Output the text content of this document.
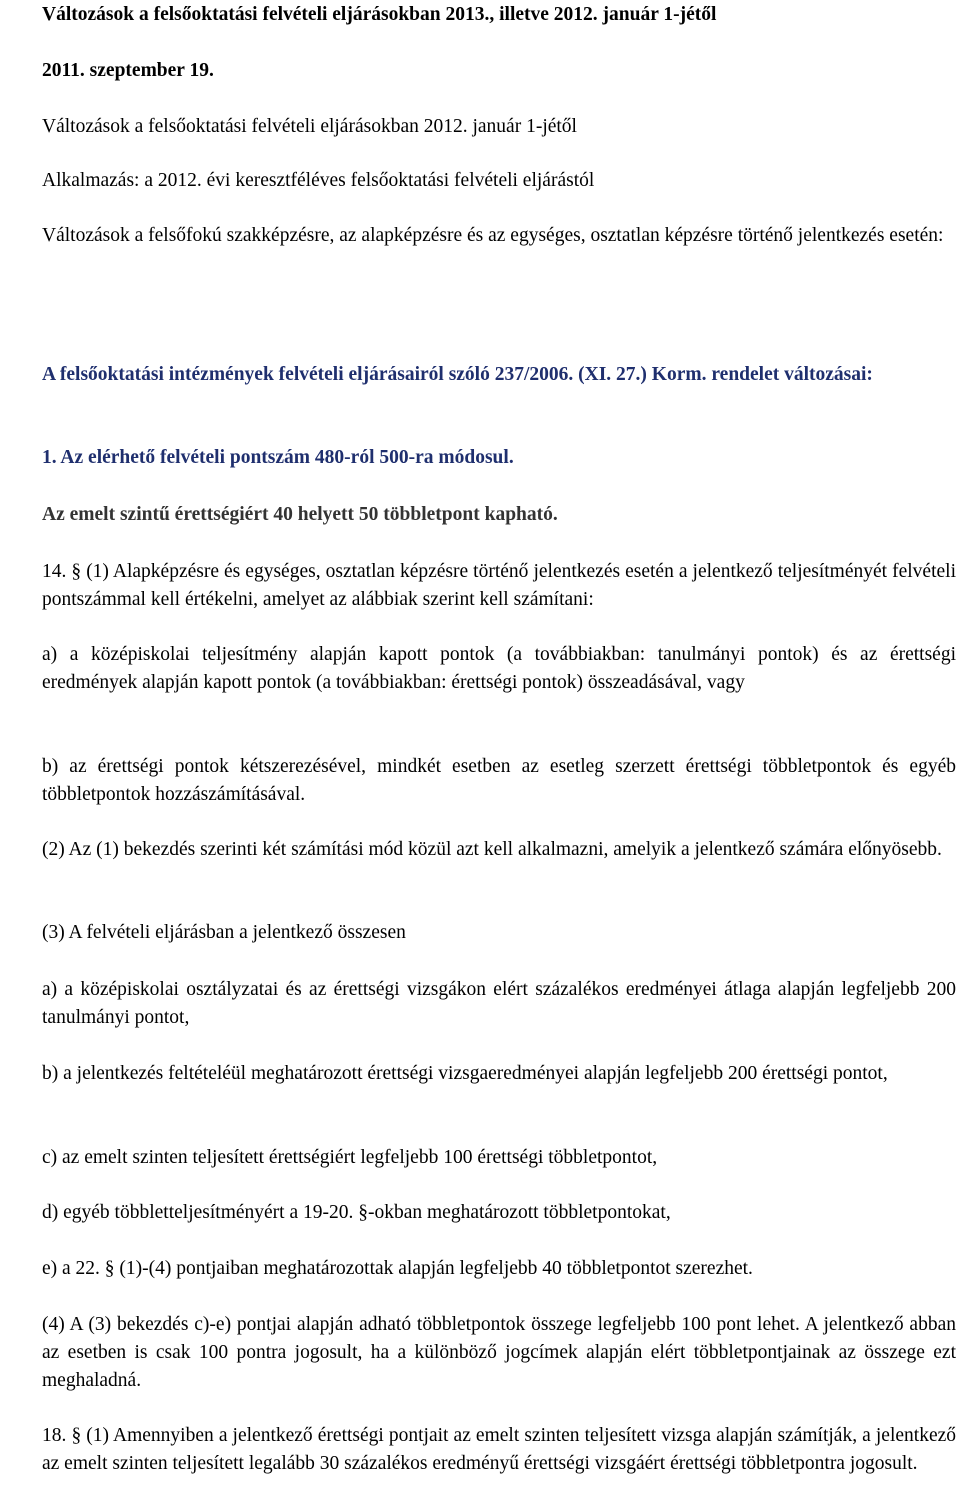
Változások a felsőoktatási felvételi eljárásokban 2013., illetve 2012. január 1-jétől
2011. szeptember 19.
Változások a felsőoktatási felvételi eljárásokban 2012. január 1-jétől
Alkalmazás: a 2012. évi keresztféléves felsőoktatási felvételi eljárástól
Változások a felsőfokú szakképzésre, az alapképzésre és az egységes, osztatlan képzésre történő jelentkezés esetén:
A felsőoktatási intézmények felvételi eljárásairól szóló 237/2006. (XI. 27.) Korm. rendelet változásai:
1. Az elérhető felvételi pontszám 480-ról 500-ra módosul.
Az emelt szintű érettségiért 40 helyett 50 többletpont kapható.
14. § (1) Alapképzésre és egységes, osztatlan képzésre történő jelentkezés esetén a jelentkező teljesítményét felvételi pontszámmal kell értékelni, amelyet az alábbiak szerint kell számítani:
a) a középiskolai teljesítmény alapján kapott pontok (a továbbiakban: tanulmányi pontok) és az érettségi eredmények alapján kapott pontok (a továbbiakban: érettségi pontok) összeadásával, vagy
b) az érettségi pontok kétszerezésével, mindkét esetben az esetleg szerzett érettségi többletpontok és egyéb többletpontok hozzászámításával.
(2) Az (1) bekezdés szerinti két számítási mód közül azt kell alkalmazni, amelyik a jelentkező számára előnyösebb.
(3) A felvételi eljárásban a jelentkező összesen
a) a középiskolai osztályzatai és az érettségi vizsgákon elért százalékos eredményei átlaga alapján legfeljebb 200 tanulmányi pontot,
b) a jelentkezés feltételéül meghatározott érettségi vizsgaeredményei alapján legfeljebb 200 érettségi pontot,
c) az emelt szinten teljesített érettségiért legfeljebb 100 érettségi többletpontot,
d) egyéb többletteljesítményért a 19-20. §-okban meghatározott többletpontokat,
e) a 22. § (1)-(4) pontjaiban meghatározottak alapján legfeljebb 40 többletpontot szerezhet.
(4) A (3) bekezdés c)-e) pontjai alapján adható többletpontok összege legfeljebb 100 pont lehet. A jelentkező abban az esetben is csak 100 pontra jogosult, ha a különböző jogcímek alapján elért többletpontjainak az összege ezt meghaladná.
18. § (1) Amennyiben a jelentkező érettségi pontjait az emelt szinten teljesített vizsga alapján számítják, a jelentkező az emelt szinten teljesített legalább 30 százalékos eredményű érettségi vizsgáért érettségi többletpontra jogosult.
